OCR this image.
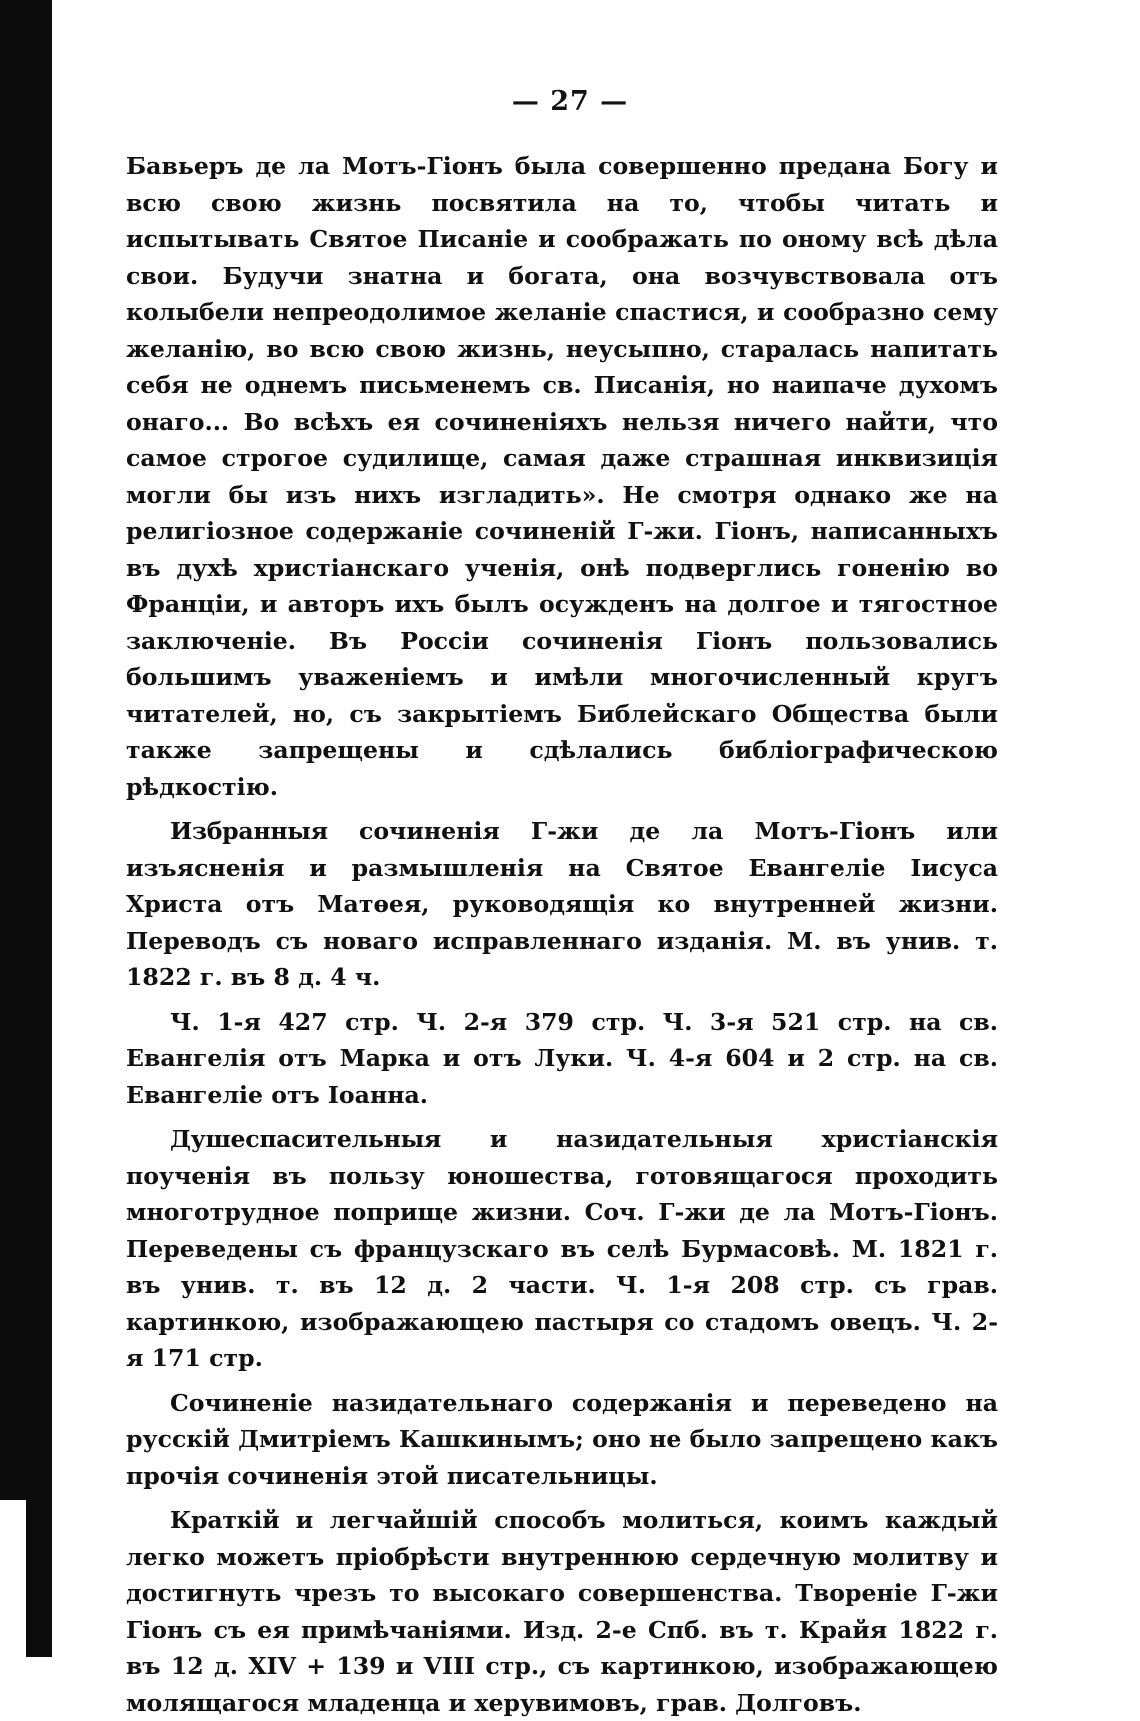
— 27 —

Бавьеръ де ла Мотъ-Гіонъ была совершенно предана Богу и всю свою жизнь посвятила на то, чтобы читать и испытывать Святое Писаніе и соображать по оному всѣ дѣла свои. Будучи знатна и богата, она возчувствовала отъ колыбели непреодолимое желаніе спастися, и сообразно сему желанію, во всю свою жизнь, неусыпно, старалась напитать себя не однемъ письменемъ св. Писанія, но наипаче духомъ онаго... Во всѣхъ ея сочиненіяхъ нельзя ничего найти, что самое строгое судилище, самая даже страшная инквизиція могли бы изъ нихъ изгладить». Не смотря однако же на религіозное содержаніе сочиненій Г-жи. Гіонъ, написанныхъ въ духѣ христіанскаго ученія, онѣ подверглись гоненію во Франціи, и авторъ ихъ былъ осужденъ на долгое и тягостное заключеніе. Въ Россіи сочиненія Гіонъ пользовались большимъ уваженіемъ и имѣли многочисленный кругъ читателей, но, съ закрытіемъ Библейскаго Общества были также запрещены и сдѣлались библіографическою рѣдкостію.

Избранныя сочиненія Г-жи де ла Мотъ-Гіонъ или изъясненія и размышленія на Святое Евангеліе Іисуса Христа отъ Матѳея, руководящія ко внутренней жизни. Переводъ съ новаго исправленнаго изданія. М. въ унив. т. 1822 г. въ 8 д. 4 ч.

Ч. 1-я 427 стр. Ч. 2-я 379 стр. Ч. 3-я 521 стр. на св. Евангелія отъ Марка и отъ Луки. Ч. 4-я 604 и 2 стр. на св. Евангеліе отъ Іоанна.

Душеспасительныя и назидательныя христіанскія поученія въ пользу юношества, готовящагося проходить многотрудное поприще жизни. Соч. Г-жи де ла Мотъ-Гіонъ. Переведены съ французскаго въ селѣ Бурмасовѣ. М. 1821 г. въ унив. т. въ 12 д. 2 части. Ч. 1-я 208 стр. съ грав. картинкою, изображающею пастыря со стадомъ овецъ. Ч. 2-я 171 стр.

Сочиненіе назидательнаго содержанія и переведено на русскій Дмитріемъ Кашкинымъ; оно не было запрещено какъ прочія сочиненія этой писательницы.

Краткій и легчайшій способъ молиться, коимъ каждый легко можетъ пріобрѣсти внутреннюю сердечную молитву и достигнуть чрезъ то высокаго совершенства. Твореніе Г-жи Гіонъ съ ея примѣчаніями. Изд. 2-е Спб. въ т. Крайя 1822 г. въ 12 д. XIV + 139 и VIII стр., съ картинкою, изображающею молящагося младенца и херувимовъ, грав. Долговъ.
